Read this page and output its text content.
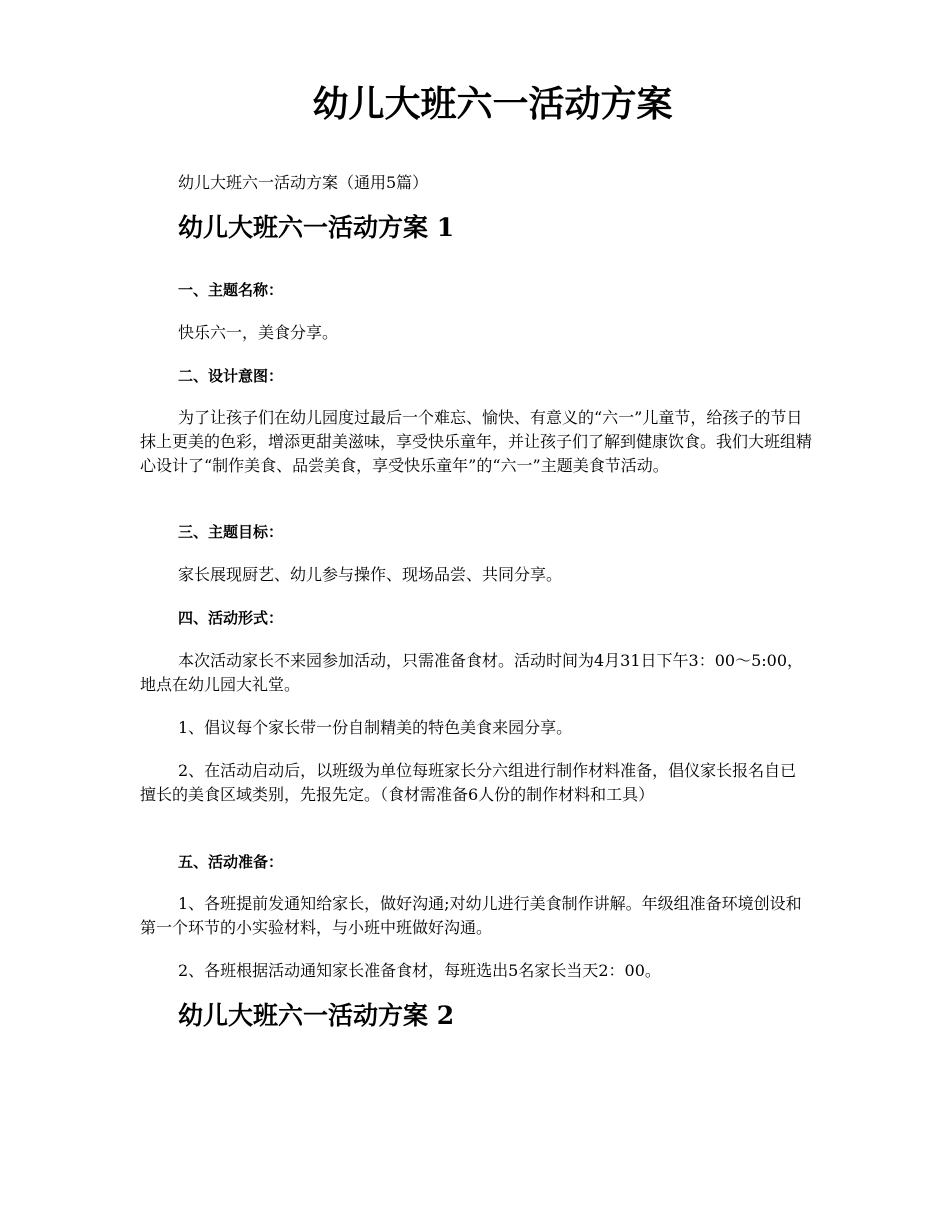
幼儿大班六一活动方案
幼儿大班六一活动方案（通用5篇）
幼儿大班六一活动方案 1
一、主题名称：
快乐六一，美食分享。
二、设计意图：
为了让孩子们在幼儿园度过最后一个难忘、愉快、有意义的“六一”儿童节，给孩子的节日抹上更美的色彩，增添更甜美滋味，享受快乐童年，并让孩子们了解到健康饮食。我们大班组精心设计了“制作美食、品尝美食，享受快乐童年”的“六一”主题美食节活动。
三、主题目标：
家长展现厨艺、幼儿参与操作、现场品尝、共同分享。
四、活动形式：
本次活动家长不来园参加活动，只需准备食材。活动时间为4月31日下午3：00～5:00，地点在幼儿园大礼堂。
1、倡议每个家长带一份自制精美的特色美食来园分享。
2、在活动启动后，以班级为单位每班家长分六组进行制作材料准备，倡仪家长报名自已擅长的美食区域类别，先报先定。（食材需准备6人份的制作材料和工具）
五、活动准备：
1、各班提前发通知给家长，做好沟通;对幼儿进行美食制作讲解。年级组准备环境创设和第一个环节的小实验材料，与小班中班做好沟通。
2、各班根据活动通知家长准备食材，每班选出5名家长当天2：00。
幼儿大班六一活动方案 2
